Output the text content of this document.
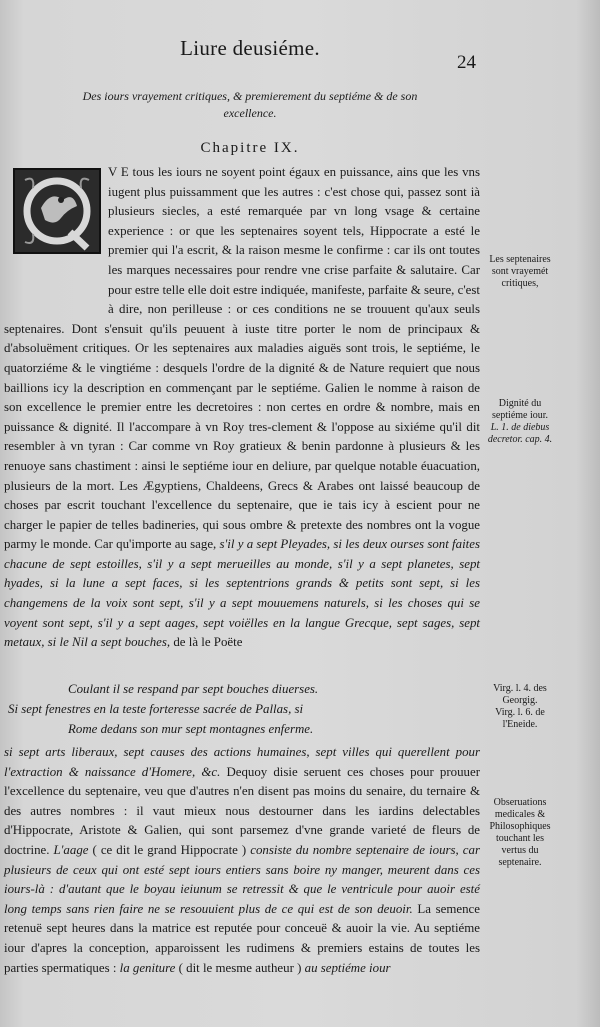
Liure deusiéme.
24
Des iours vrayement critiques, & premierement du septiéme & de son excellence.
Chapitre IX.

V E tous les iours ne soyent point égaux en puissance, ains que les vns iugent plus puissamment que les autres : c'est chose qui, passez sont ià plusieurs siecles, a esté remarquée par vn long vsage & certaine experience : or que les septenaires soyent tels, Hippocrate a esté le premier qui l'a escrit, & la raison mesme le confirme : car ils ont toutes les marques necessaires pour rendre vne crise parfaite & salutaire. Car pour estre telle elle doit estre indiquée, manifeste, parfaite & seure, c'est à dire, non perilleuse : or ces conditions ne se trouuent qu'aux seuls septenaires. Dont s'ensuit qu'ils peuuent à iuste titre porter le nom de principaux & d'absoluëment critiques. Or les septenaires aux maladies aiguës sont trois, le septiéme, le quatorziéme & le vingtiéme : desquels l'ordre de la dignité & de Nature requiert que nous baillions icy la description en commençant par le septiéme. Galien le nomme à raison de son excellence le premier entre les decretoires : non certes en ordre & nombre, mais en puissance & dignité. Il l'accompare à vn Roy tres-clement & l'oppose au sixiéme qu'il dit resembler à vn tyran : Car comme vn Roy gratieux & benin pardonne à plusieurs & les renuoye sans chastiment : ainsi le septiéme iour en deliure, par quelque notable éuacuation, plusieurs de la mort. Les Ægyptiens, Chaldeens, Grecs & Arabes ont laissé beaucoup de choses par escrit touchant l'excellence du septenaire, que ie tais icy à escient pour ne charger le papier de telles badineries, qui sous ombre & pretexte des nombres ont la vogue parmy le monde. Car qu'importe au sage, s'il y a sept Pleyades, si les deux ourses sont faites chacune de sept estoilles, s'il y a sept merueilles au monde, s'il y a sept planetes, sept hyades, si la lune a sept faces, si les septentrions grands & petits sont sept, si les changemens de la voix sont sept, s'il y a sept mouuemens naturels, si les choses qui se voyent sont sept, s'il y a sept aages, sept voiëlles en la langue Grecque, sept sages, sept metaux, si le Nil a sept bouches, de là le Poëte

Coulant il se respand par sept bouches diuerses.
Si sept fenestres en la teste forteresse sacrée de Pallas, si
Rome dedans son mur sept montagnes enferme.

si sept arts liberaux, sept causes des actions humaines, sept villes qui querellent pour l'extraction & naissance d'Homere, &c. Dequoy disie seruent ces choses pour prouuer l'excellence du septenaire, veu que d'autres n'en disent pas moins du senaire, du ternaire & des autres nombres : il vaut mieux nous destourner dans les iardins delectables d'Hippocrate, Aristote & Galien, qui sont parsemez d'vne grande varieté de fleurs de doctrine. L'aage ( ce dit le grand Hippocrate ) consiste du nombre septenaire de iours, car plusieurs de ceux qui ont esté sept iours entiers sans boire ny manger, meurent dans ces iours-là : d'autant que le boyau ieiunum se retressit & que le ventricule pour auoir esté long temps sans rien faire ne se resouuient plus de ce qui est de son deuoir. La semence retenuë sept heures dans la matrice est reputée pour conceuë & auoir la vie. Au septiéme iour d'apres la conception, apparoissent les rudimens & premiers estains de toutes les parties spermatiques : la geniture ( dit le mesme autheur ) au septiéme iour

Les septenaires sont vrayemét critiques,
Dignité du septiéme iour.
L. 1. de diebus decretor. cap. 4.
Virg. l. 4. des Georgig.
Virg. l. 6. de l'Eneide.
Obseruations medicales & Philosophiques touchant les vertus du septenaire.
